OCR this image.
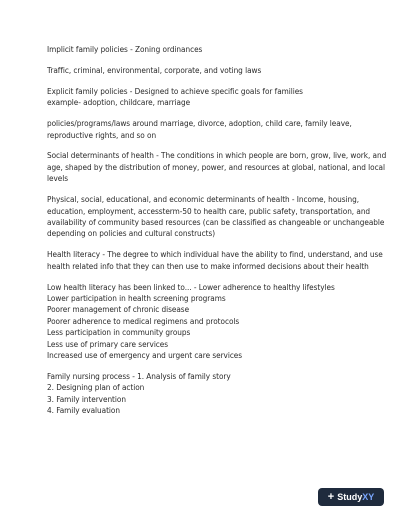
Implicit family policies - Zoning ordinances
Traffic, criminal, environmental, corporate, and voting laws
Explicit family policies - Designed to achieve specific goals for families
example- adoption, childcare, marriage
policies/programs/laws around marriage, divorce, adoption, child care, family leave,
reproductive rights, and so on
Social determinants of health - The conditions in which people are born, grow, live, work, and
age, shaped by the distribution of money, power, and resources at global, national, and local
levels
Physical, social, educational, and economic determinants of health - Income, housing,
education, employment, accessterm-50 to health care, public safety, transportation, and
availability of community based resources (can be classified as changeable or unchangeable
depending on policies and cultural constructs)
Health literacy - The degree to which individual have the ability to find, understand, and use
health related info that they can then use to make informed decisions about their health
Low health literacy has been linked to... - Lower adherence to healthy lifestyles
Lower participation in health screening programs
Poorer management of chronic disease
Poorer adherence to medical regimens and protocols
Less participation in community groups
Less use of primary care services
Increased use of emergency and urgent care services
Family nursing process - 1. Analysis of family story
2. Designing plan of action
3. Family intervention
4. Family evaluation
+ StudyXY
